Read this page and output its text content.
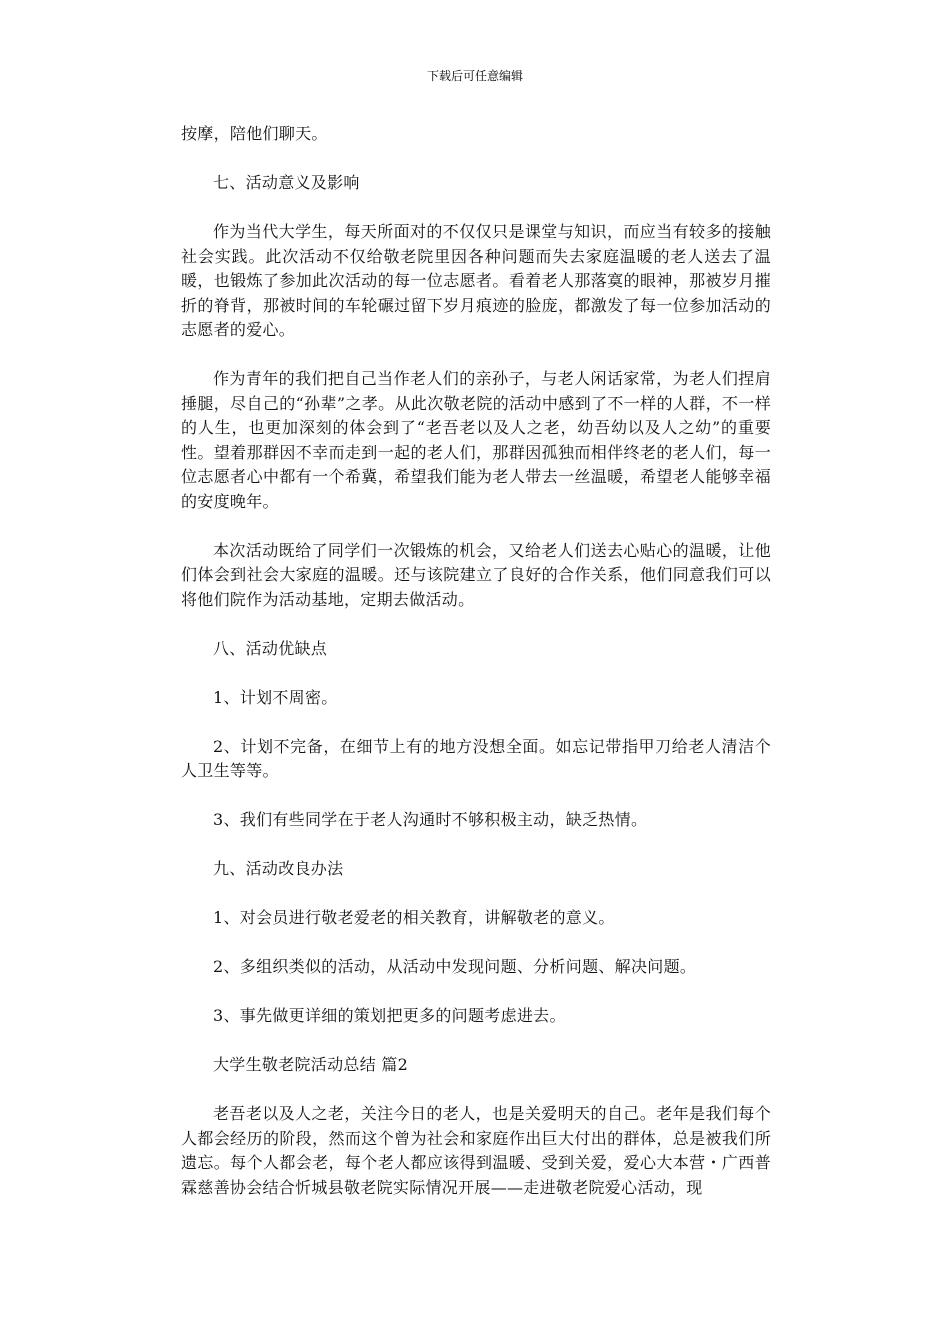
下载后可任意编辑

按摩，陪他们聊天。

七、活动意义及影响

作为当代大学生，每天所面对的不仅仅只是课堂与知识，而应当有较多的接触社会实践。此次活动不仅给敬老院里因各种问题而失去家庭温暖的老人送去了温暖，也锻炼了参加此次活动的每一位志愿者。看着老人那落寞的眼神，那被岁月摧折的脊背，那被时间的车轮碾过留下岁月痕迹的脸庞，都激发了每一位参加活动的志愿者的爱心。

作为青年的我们把自己当作老人们的亲孙子，与老人闲话家常，为老人们捏肩捶腿，尽自己的“孙辈”之孝。从此次敬老院的活动中感到了不一样的人群，不一样的人生，也更加深刻的体会到了“老吾老以及人之老，幼吾幼以及人之幼”的重要性。望着那群因不幸而走到一起的老人们，那群因孤独而相伴终老的老人们，每一位志愿者心中都有一个希冀，希望我们能为老人带去一丝温暖，希望老人能够幸福的安度晚年。

本次活动既给了同学们一次锻炼的机会，又给老人们送去心贴心的温暖，让他们体会到社会大家庭的温暖。还与该院建立了良好的合作关系，他们同意我们可以将他们院作为活动基地，定期去做活动。

八、活动优缺点

1、计划不周密。

2、计划不完备，在细节上有的地方没想全面。如忘记带指甲刀给老人清洁个人卫生等等。

3、我们有些同学在于老人沟通时不够积极主动，缺乏热情。

九、活动改良办法

1、对会员进行敬老爱老的相关教育，讲解敬老的意义。

2、多组织类似的活动，从活动中发现问题、分析问题、解决问题。

3、事先做更详细的策划把更多的问题考虑进去。

大学生敬老院活动总结 篇2

老吾老以及人之老，关注今日的老人，也是关爱明天的自己。老年是我们每个人都会经历的阶段，然而这个曾为社会和家庭作出巨大付出的群体，总是被我们所遗忘。每个人都会老，每个老人都应该得到温暖、受到关爱，爱心大本营・广西普霖慈善协会结合忻城县敬老院实际情况开展——走进敬老院爱心活动，现
